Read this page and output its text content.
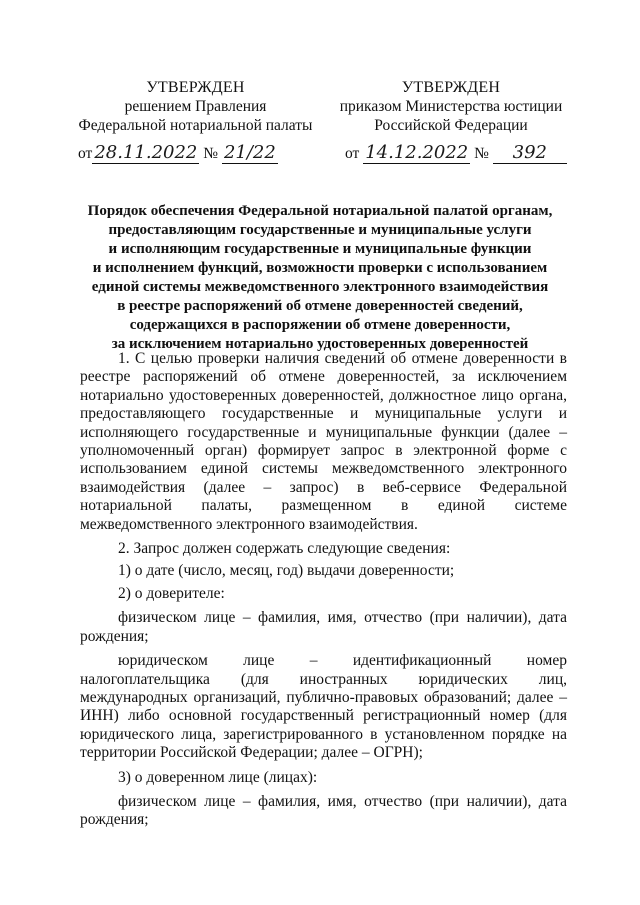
УТВЕРЖДЕН
решением Правления
Федеральной нотариальной палаты
от 28.11.2022 № 21/22
УТВЕРЖДЕН
приказом Министерства юстиции
Российской Федерации
от 14.12.2022 № 392
Порядок обеспечения Федеральной нотариальной палатой органам,
предоставляющим государственные и муниципальные услуги
и исполняющим государственные и муниципальные функции
и исполнением функций, возможности проверки с использованием
единой системы межведомственного электронного взаимодействия
в реестре распоряжений об отмене доверенностей сведений,
содержащихся в распоряжении об отмене доверенности,
за исключением нотариально удостоверенных доверенностей

1. С целью проверки наличия сведений об отмене доверенности в реестре распоряжений об отмене доверенностей, за исключением нотариально удостоверенных доверенностей, должностное лицо органа, предоставляющего государственные и муниципальные услуги и исполняющего государственные и муниципальные функции (далее – уполномоченный орган) формирует запрос в электронной форме с использованием единой системы межведомственного электронного взаимодействия (далее – запрос) в веб-сервисе Федеральной нотариальной палаты, размещенном в единой системе межведомственного электронного взаимодействия.

2. Запрос должен содержать следующие сведения:

1) о дате (число, месяц, год) выдачи доверенности;

2) о доверителе:

физическом лице – фамилия, имя, отчество (при наличии), дата рождения;

юридическом лице – идентификационный номер налогоплательщика (для иностранных юридических лиц, международных организаций, публично-правовых образований; далее – ИНН) либо основной государственный регистрационный номер (для юридического лица, зарегистрированного в установленном порядке на территории Российской Федерации; далее – ОГРН);

3) о доверенном лице (лицах):

физическом лице – фамилия, имя, отчество (при наличии), дата рождения;
